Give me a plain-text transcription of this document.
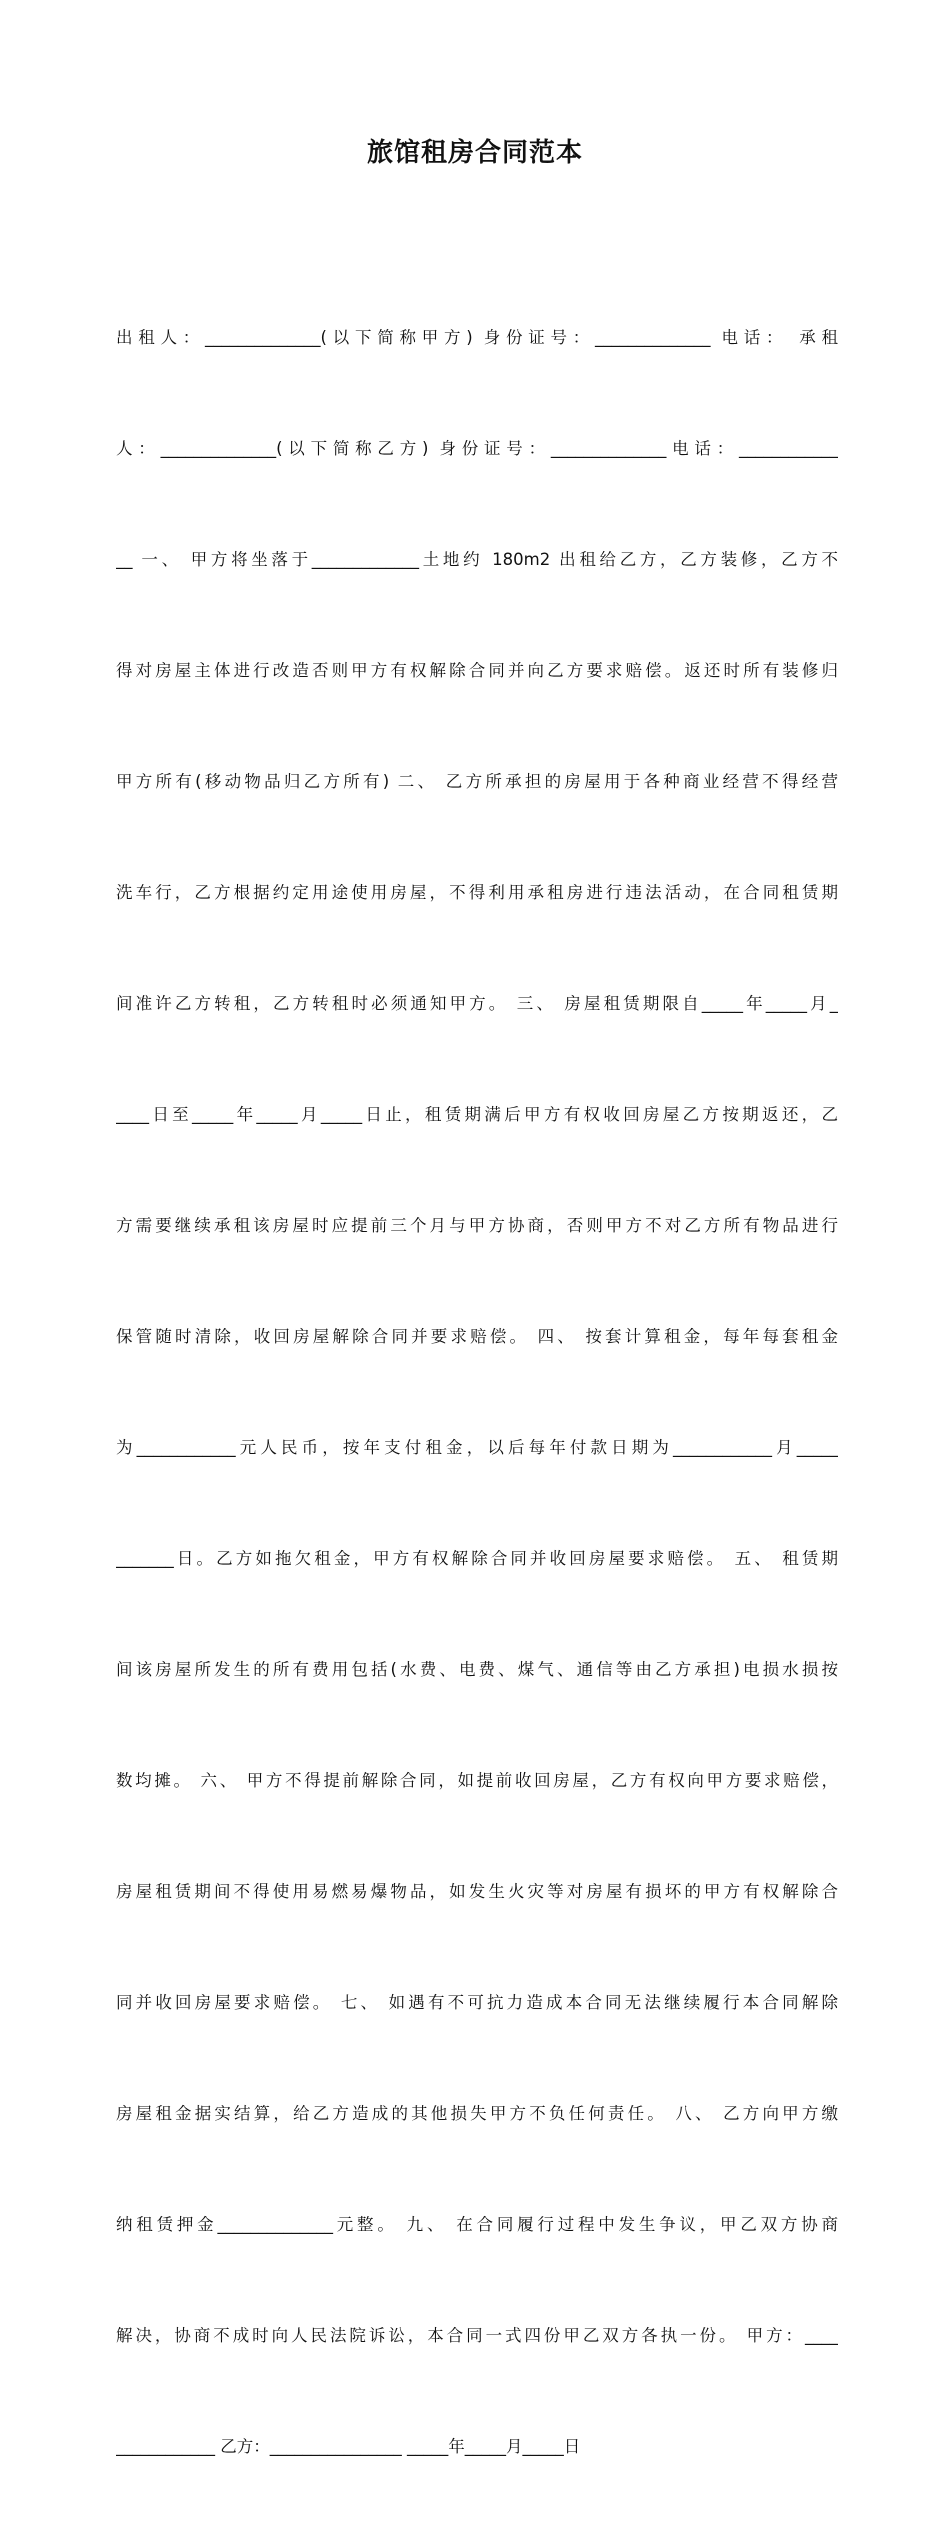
旅馆租房合同范本

出租人：______________(以下简称甲方) 身份证号：______________ 电话： 承租

人：______________(以下简称乙方) 身份证号：______________电话：____________

__ 一、 甲方将坐落于_____________土地约 180m2 出租给乙方，乙方装修，乙方不

得对房屋主体进行改造否则甲方有权解除合同并向乙方要求赔偿。返还时所有装修归

甲方所有(移动物品归乙方所有) 二、 乙方所承担的房屋用于各种商业经营不得经营

洗车行，乙方根据约定用途使用房屋，不得利用承租房进行违法活动，在合同租赁期

间准许乙方转租，乙方转租时必须通知甲方。 三、 房屋租赁期限自_____年_____月_

____日至_____年_____月_____日止，租赁期满后甲方有权收回房屋乙方按期返还，乙

方需要继续承租该房屋时应提前三个月与甲方协商，否则甲方不对乙方所有物品进行

保管随时清除，收回房屋解除合同并要求赔偿。 四、 按套计算租金，每年每套租金

为____________元人民币，按年支付租金，以后每年付款日期为____________月_____

_______日。乙方如拖欠租金，甲方有权解除合同并收回房屋要求赔偿。 五、 租赁期

间该房屋所发生的所有费用包括(水费、电费、煤气、通信等由乙方承担)电损水损按

数均摊。 六、 甲方不得提前解除合同，如提前收回房屋，乙方有权向甲方要求赔偿，

房屋租赁期间不得使用易燃易爆物品，如发生火灾等对房屋有损坏的甲方有权解除合

同并收回房屋要求赔偿。 七、 如遇有不可抗力造成本合同无法继续履行本合同解除

房屋租金据实结算，给乙方造成的其他损失甲方不负任何责任。 八、 乙方向甲方缴

纳租赁押金______________元整。 九、 在合同履行过程中发生争议，甲乙双方协商

解决，协商不成时向人民法院诉讼，本合同一式四份甲乙双方各执一份。 甲方：____

____________ 乙方：________________ _____年_____月_____日
